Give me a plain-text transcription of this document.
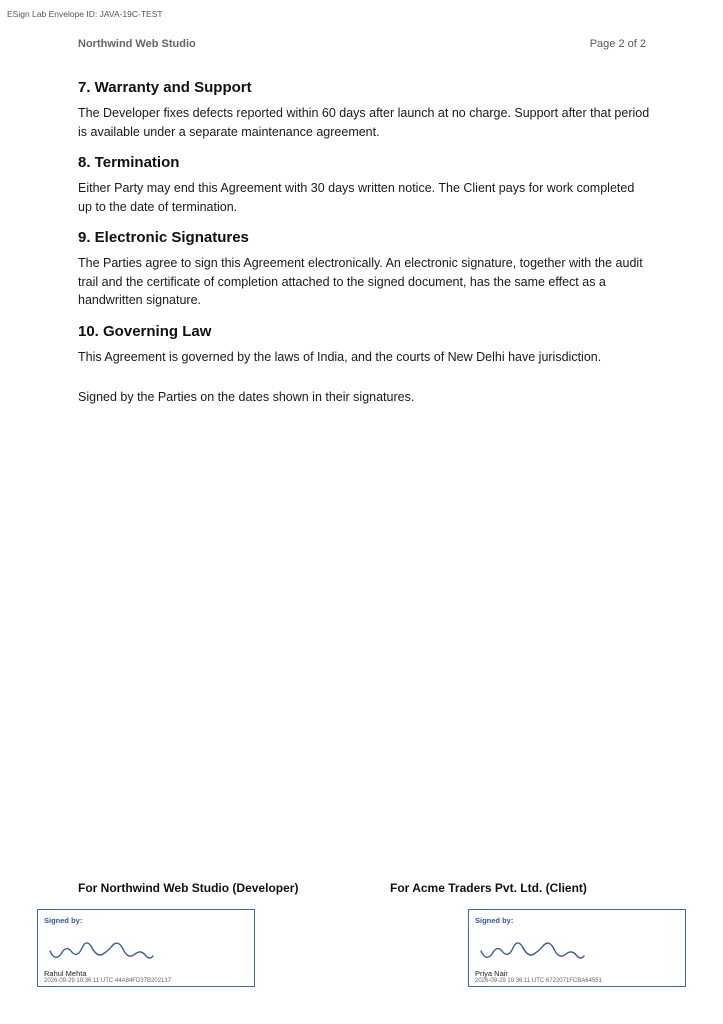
ESign Lab Envelope ID: JAVA-19C-TEST
Northwind Web Studio	Page 2 of 2
7. Warranty and Support

The Developer fixes defects reported within 60 days after launch at no charge. Support after that period is available under a separate maintenance agreement.

8. Termination

Either Party may end this Agreement with 30 days written notice. The Client pays for work completed up to the date of termination.

9. Electronic Signatures

The Parties agree to sign this Agreement electronically. An electronic signature, together with the audit trail and the certificate of completion attached to the signed document, has the same effect as a handwritten signature.

10. Governing Law

This Agreement is governed by the laws of India, and the courts of New Delhi have jurisdiction.

Signed by the Parties on the dates shown in their signatures.
For Northwind Web Studio (Developer)	For Acme Traders Pvt. Ltd. (Client)
Signed by:
Rahul Mehta
2026-09-29 10:36:11 UTC 44A84FD37B202137
Signed by:
Priya Nair
2026-09-29 10:36:11 UTC 6722071FCBA64551
